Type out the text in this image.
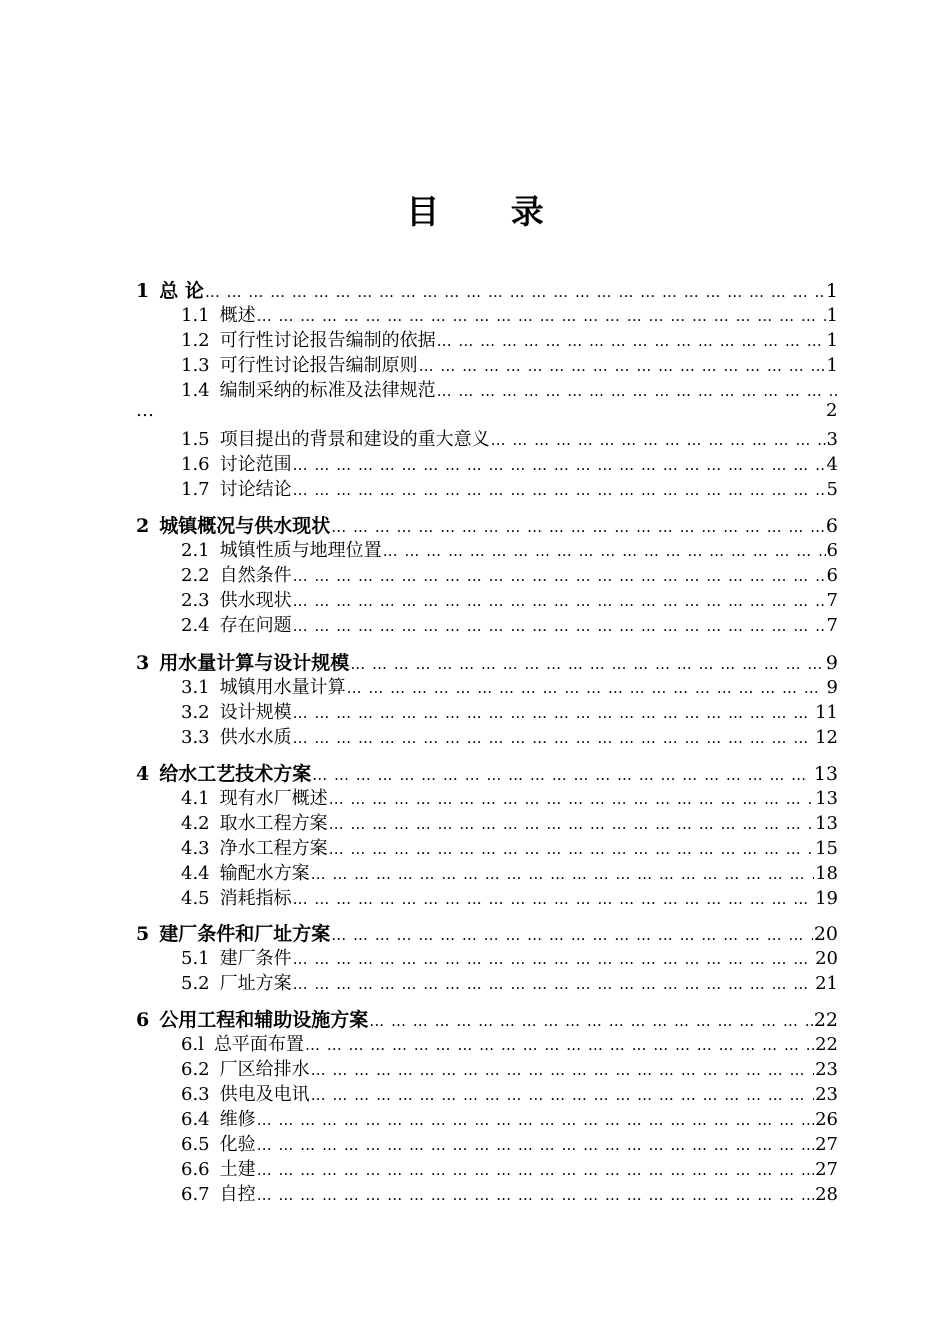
目 录
1 总 论 … … … … … … … … … … … … … … … … … … … … … … … … … … … … … … … … … … … … … … … … … … … … … … … … … … … … … … … … … … … … … … … … … … … … …	1
1.1 概述 … … … … … … … … … … … … … … … … … … … … … … … … … … … … … … … … … … … … … … … … … … … … … … … … … … … … … … … … … … … … … … … … … … … … …	1
1.2 可行性讨论报告编制的依据 … … … … … … … … … … … … … … … … … … … … … … … … … … … … … … … … … … … … … … … … … … … … … … … … … … … … … … … … … … … … … … … … … … … … …	1
1.3 可行性讨论报告编制原则 … … … … … … … … … … … … … … … … … … … … … … … … … … … … … … … … … … … … … … … … … … … … … … … … … … … … … … … … … … … … … … … … … … … … …	1
1.4 编制采纳的标准及法律规范
… … … … … … … … … … … … … … … … … … … … … … … … … … … … … … … … … … … … … … … … … … … … … … … … … … … … … … … … … … … … … … … … … … … … …
…	2
1.5 项目提出的背景和建设的重大意义 … … … … … … … … … … … … … … … … … … … … … … … … … … … … … … … … … … … … … … … … … … … … … … … … … … … … … … … … … … … … … … … … … … … … …	3
1.6 讨论范围 … … … … … … … … … … … … … … … … … … … … … … … … … … … … … … … … … … … … … … … … … … … … … … … … … … … … … … … … … … … … … … … … … … … … …	4
1.7 讨论结论 … … … … … … … … … … … … … … … … … … … … … … … … … … … … … … … … … … … … … … … … … … … … … … … … … … … … … … … … … … … … … … … … … … … … …	5
2 城镇概况与供水现状 … … … … … … … … … … … … … … … … … … … … … … … … … … … … … … … … … … … … … … … … … … … … … … … … … … … … … … … … … … … … … … … … … … … … …	6
2.1 城镇性质与地理位置 … … … … … … … … … … … … … … … … … … … … … … … … … … … … … … … … … … … … … … … … … … … … … … … … … … … … … … … … … … … … … … … … … … … … …	6
2.2 自然条件 … … … … … … … … … … … … … … … … … … … … … … … … … … … … … … … … … … … … … … … … … … … … … … … … … … … … … … … … … … … … … … … … … … … … …	6
2.3 供水现状 … … … … … … … … … … … … … … … … … … … … … … … … … … … … … … … … … … … … … … … … … … … … … … … … … … … … … … … … … … … … … … … … … … … … …	7
2.4 存在问题 … … … … … … … … … … … … … … … … … … … … … … … … … … … … … … … … … … … … … … … … … … … … … … … … … … … … … … … … … … … … … … … … … … … … …	7
3 用水量计算与设计规模 … … … … … … … … … … … … … … … … … … … … … … … … … … … … … … … … … … … … … … … … … … … … … … … … … … … … … … … … … … … … … … … … … … … … …	9
3.1 城镇用水量计算 … … … … … … … … … … … … … … … … … … … … … … … … … … … … … … … … … … … … … … … … … … … … … … … … … … … … … … … … … … … … … … … … … … … … …	9
3.2 设计规模 … … … … … … … … … … … … … … … … … … … … … … … … … … … … … … … … … … … … … … … … … … … … … … … … … … … … … … … … … … … … … … … … … … … … …	11
3.3 供水水质 … … … … … … … … … … … … … … … … … … … … … … … … … … … … … … … … … … … … … … … … … … … … … … … … … … … … … … … … … … … … … … … … … … … … …	12
4 给水工艺技术方案 … … … … … … … … … … … … … … … … … … … … … … … … … … … … … … … … … … … … … … … … … … … … … … … … … … … … … … … … … … … … … … … … … … … … …	13
4.1 现有水厂概述 … … … … … … … … … … … … … … … … … … … … … … … … … … … … … … … … … … … … … … … … … … … … … … … … … … … … … … … … … … … … … … … … … … … … …	13
4.2 取水工程方案 … … … … … … … … … … … … … … … … … … … … … … … … … … … … … … … … … … … … … … … … … … … … … … … … … … … … … … … … … … … … … … … … … … … … …	13
4.3 净水工程方案 … … … … … … … … … … … … … … … … … … … … … … … … … … … … … … … … … … … … … … … … … … … … … … … … … … … … … … … … … … … … … … … … … … … … …	15
4.4 输配水方案 … … … … … … … … … … … … … … … … … … … … … … … … … … … … … … … … … … … … … … … … … … … … … … … … … … … … … … … … … … … … … … … … … … … … …	18
4.5 消耗指标 … … … … … … … … … … … … … … … … … … … … … … … … … … … … … … … … … … … … … … … … … … … … … … … … … … … … … … … … … … … … … … … … … … … … …	19
5 建厂条件和厂址方案 … … … … … … … … … … … … … … … … … … … … … … … … … … … … … … … … … … … … … … … … … … … … … … … … … … … … … … … … … … … … … … … … … … … … …	20
5.1 建厂条件 … … … … … … … … … … … … … … … … … … … … … … … … … … … … … … … … … … … … … … … … … … … … … … … … … … … … … … … … … … … … … … … … … … … … …	20
5.2 厂址方案 … … … … … … … … … … … … … … … … … … … … … … … … … … … … … … … … … … … … … … … … … … … … … … … … … … … … … … … … … … … … … … … … … … … … …	21
6 公用工程和辅助设施方案 … … … … … … … … … … … … … … … … … … … … … … … … … … … … … … … … … … … … … … … … … … … … … … … … … … … … … … … … … … … … … … … … … … … … …	22
6.l 总平面布置 … … … … … … … … … … … … … … … … … … … … … … … … … … … … … … … … … … … … … … … … … … … … … … … … … … … … … … … … … … … … … … … … … … … … …	22
6.2 厂区给排水 … … … … … … … … … … … … … … … … … … … … … … … … … … … … … … … … … … … … … … … … … … … … … … … … … … … … … … … … … … … … … … … … … … … … …	23
6.3 供电及电讯 … … … … … … … … … … … … … … … … … … … … … … … … … … … … … … … … … … … … … … … … … … … … … … … … … … … … … … … … … … … … … … … … … … … … …	23
6.4 维修 … … … … … … … … … … … … … … … … … … … … … … … … … … … … … … … … … … … … … … … … … … … … … … … … … … … … … … … … … … … … … … … … … … … … …	26
6.5 化验 … … … … … … … … … … … … … … … … … … … … … … … … … … … … … … … … … … … … … … … … … … … … … … … … … … … … … … … … … … … … … … … … … … … … …	27
6.6 土建 … … … … … … … … … … … … … … … … … … … … … … … … … … … … … … … … … … … … … … … … … … … … … … … … … … … … … … … … … … … … … … … … … … … … …	27
6.7 自控 … … … … … … … … … … … … … … … … … … … … … … … … … … … … … … … … … … … … … … … … … … … … … … … … … … … … … … … … … … … … … … … … … … … … …	28
